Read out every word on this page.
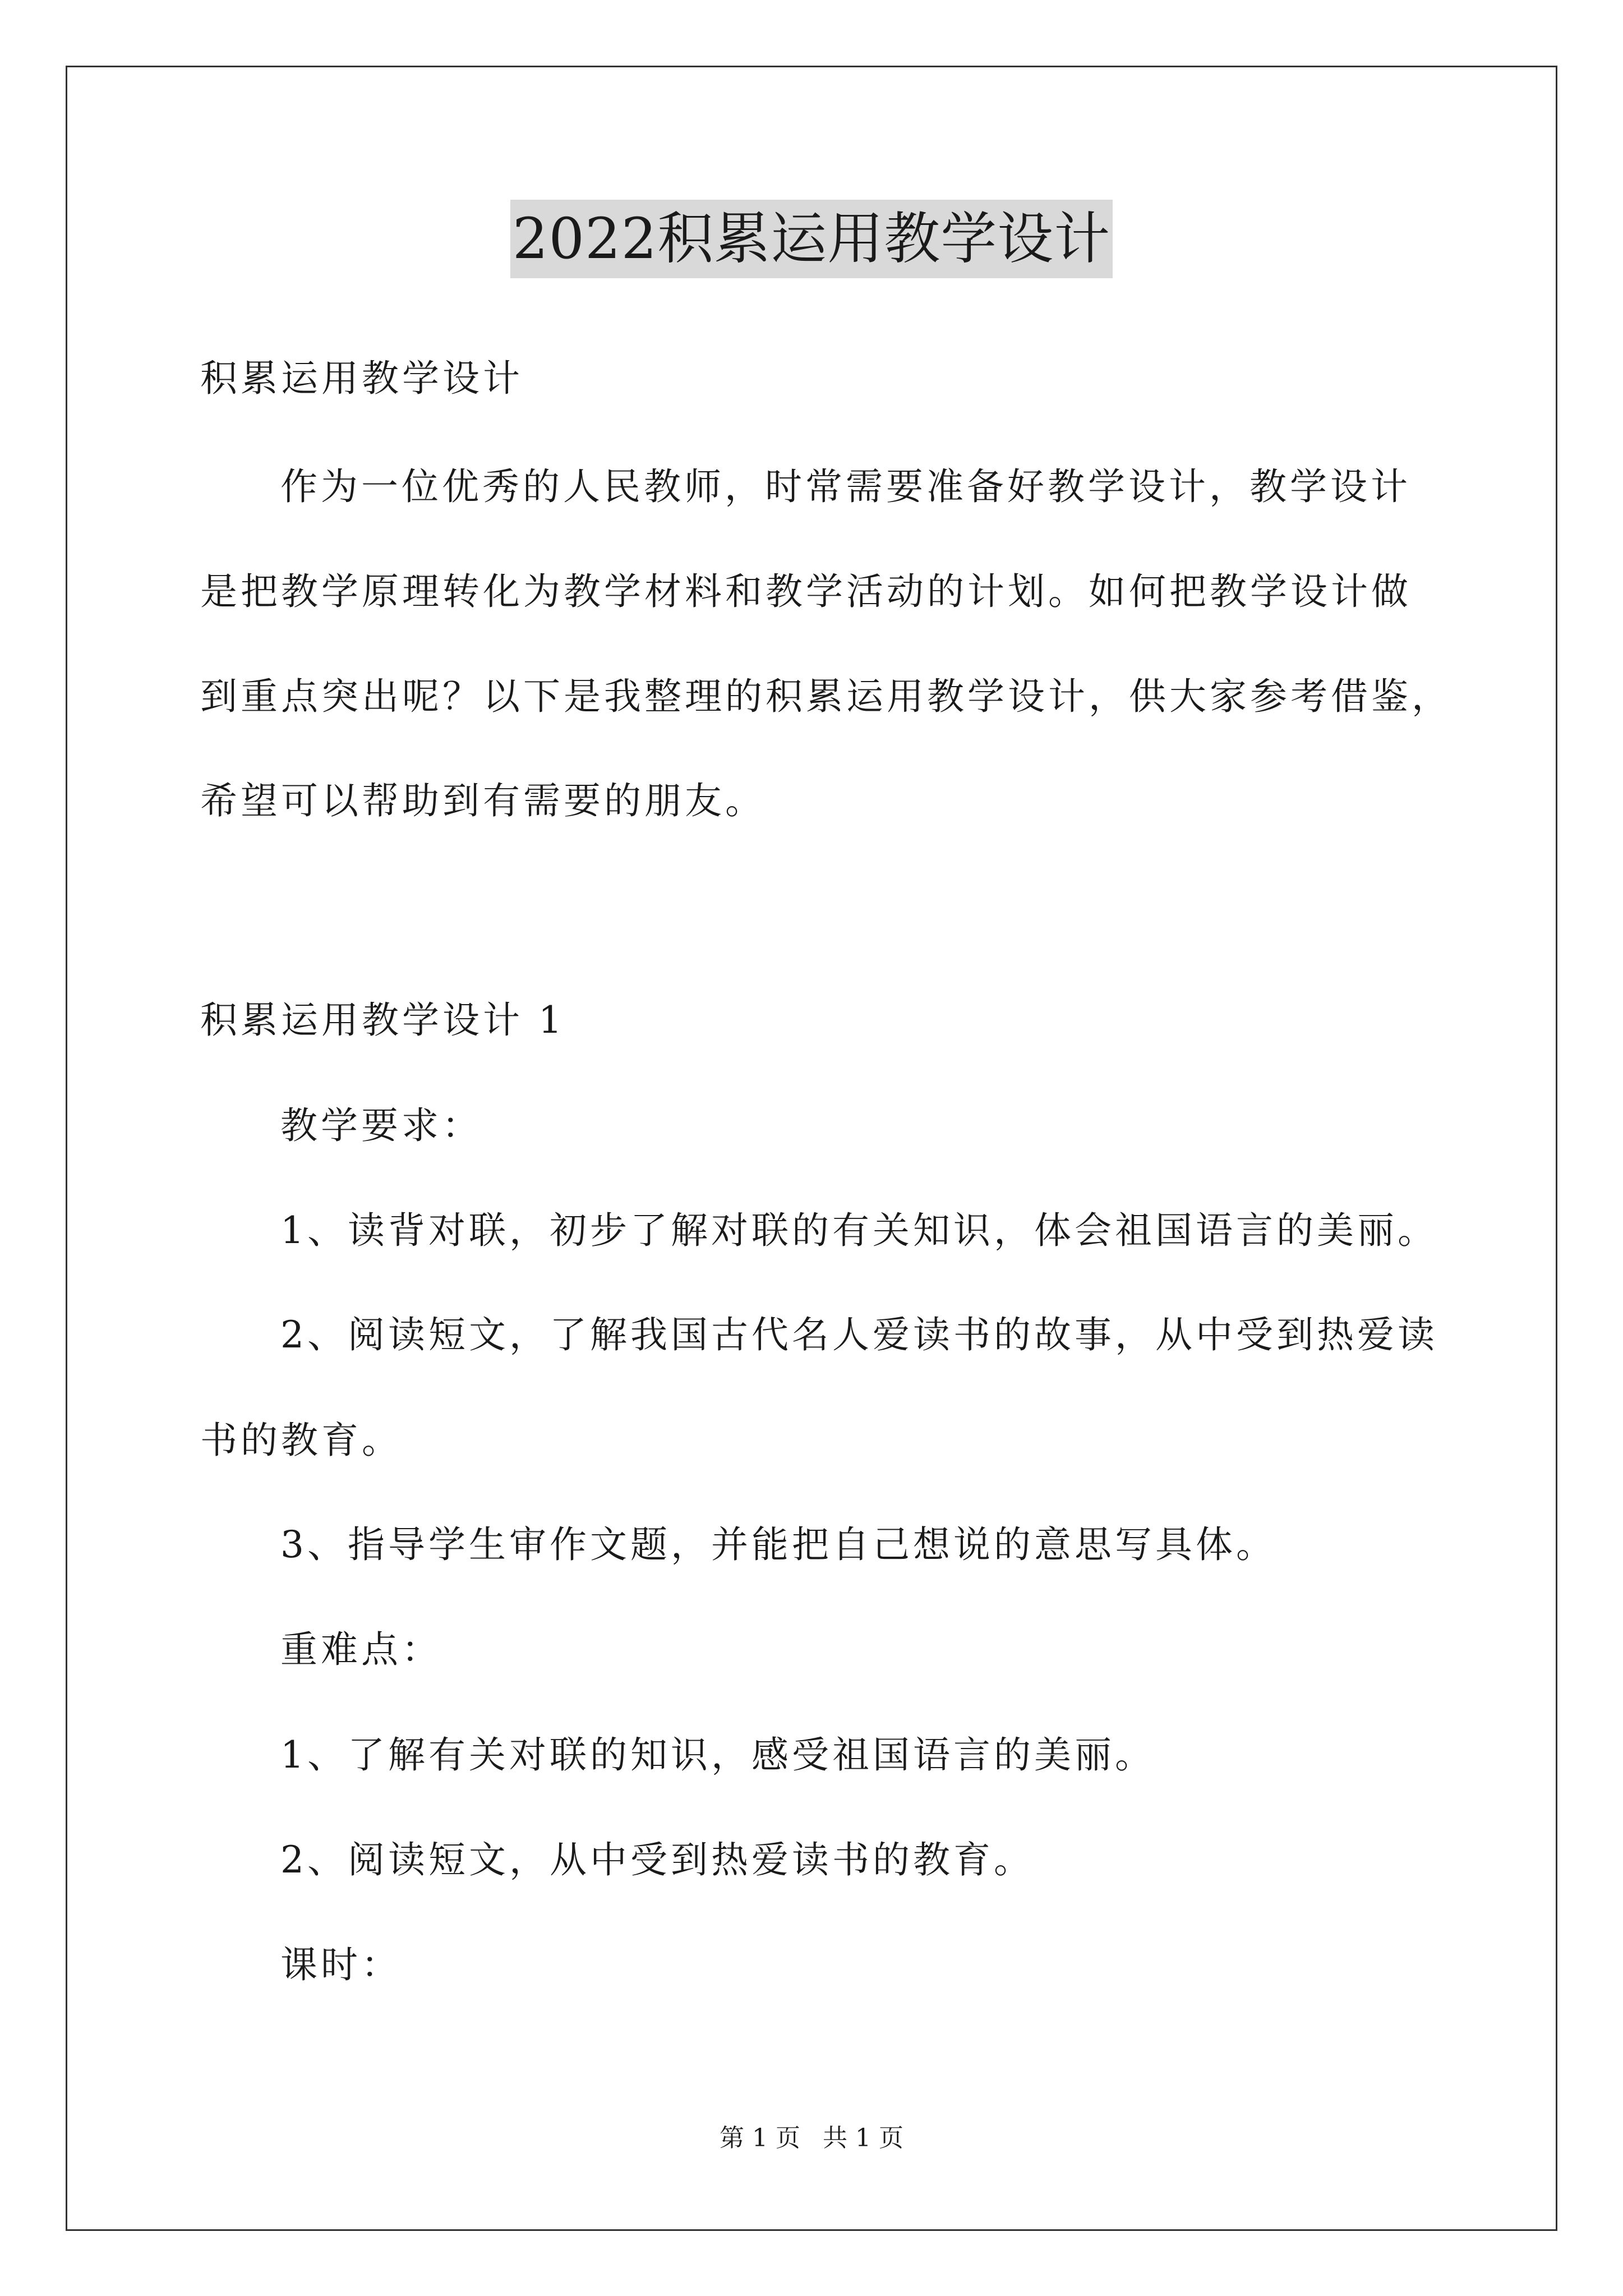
2022积累运用教学设计
积累运用教学设计
作为一位优秀的人民教师，时常需要准备好教学设计，教学设计
是把教学原理转化为教学材料和教学活动的计划。如何把教学设计做
到重点突出呢？以下是我整理的积累运用教学设计，供大家参考借鉴，
希望可以帮助到有需要的朋友。
积累运用教学设计 1
教学要求：
1、读背对联，初步了解对联的有关知识，体会祖国语言的美丽。
2、阅读短文，了解我国古代名人爱读书的故事，从中受到热爱读
书的教育。
3、指导学生审作文题，并能把自己想说的意思写具体。
重难点：
1、了解有关对联的知识，感受祖国语言的美丽。
2、阅读短文，从中受到热爱读书的教育。
课时：
第 1 页 共 1 页
